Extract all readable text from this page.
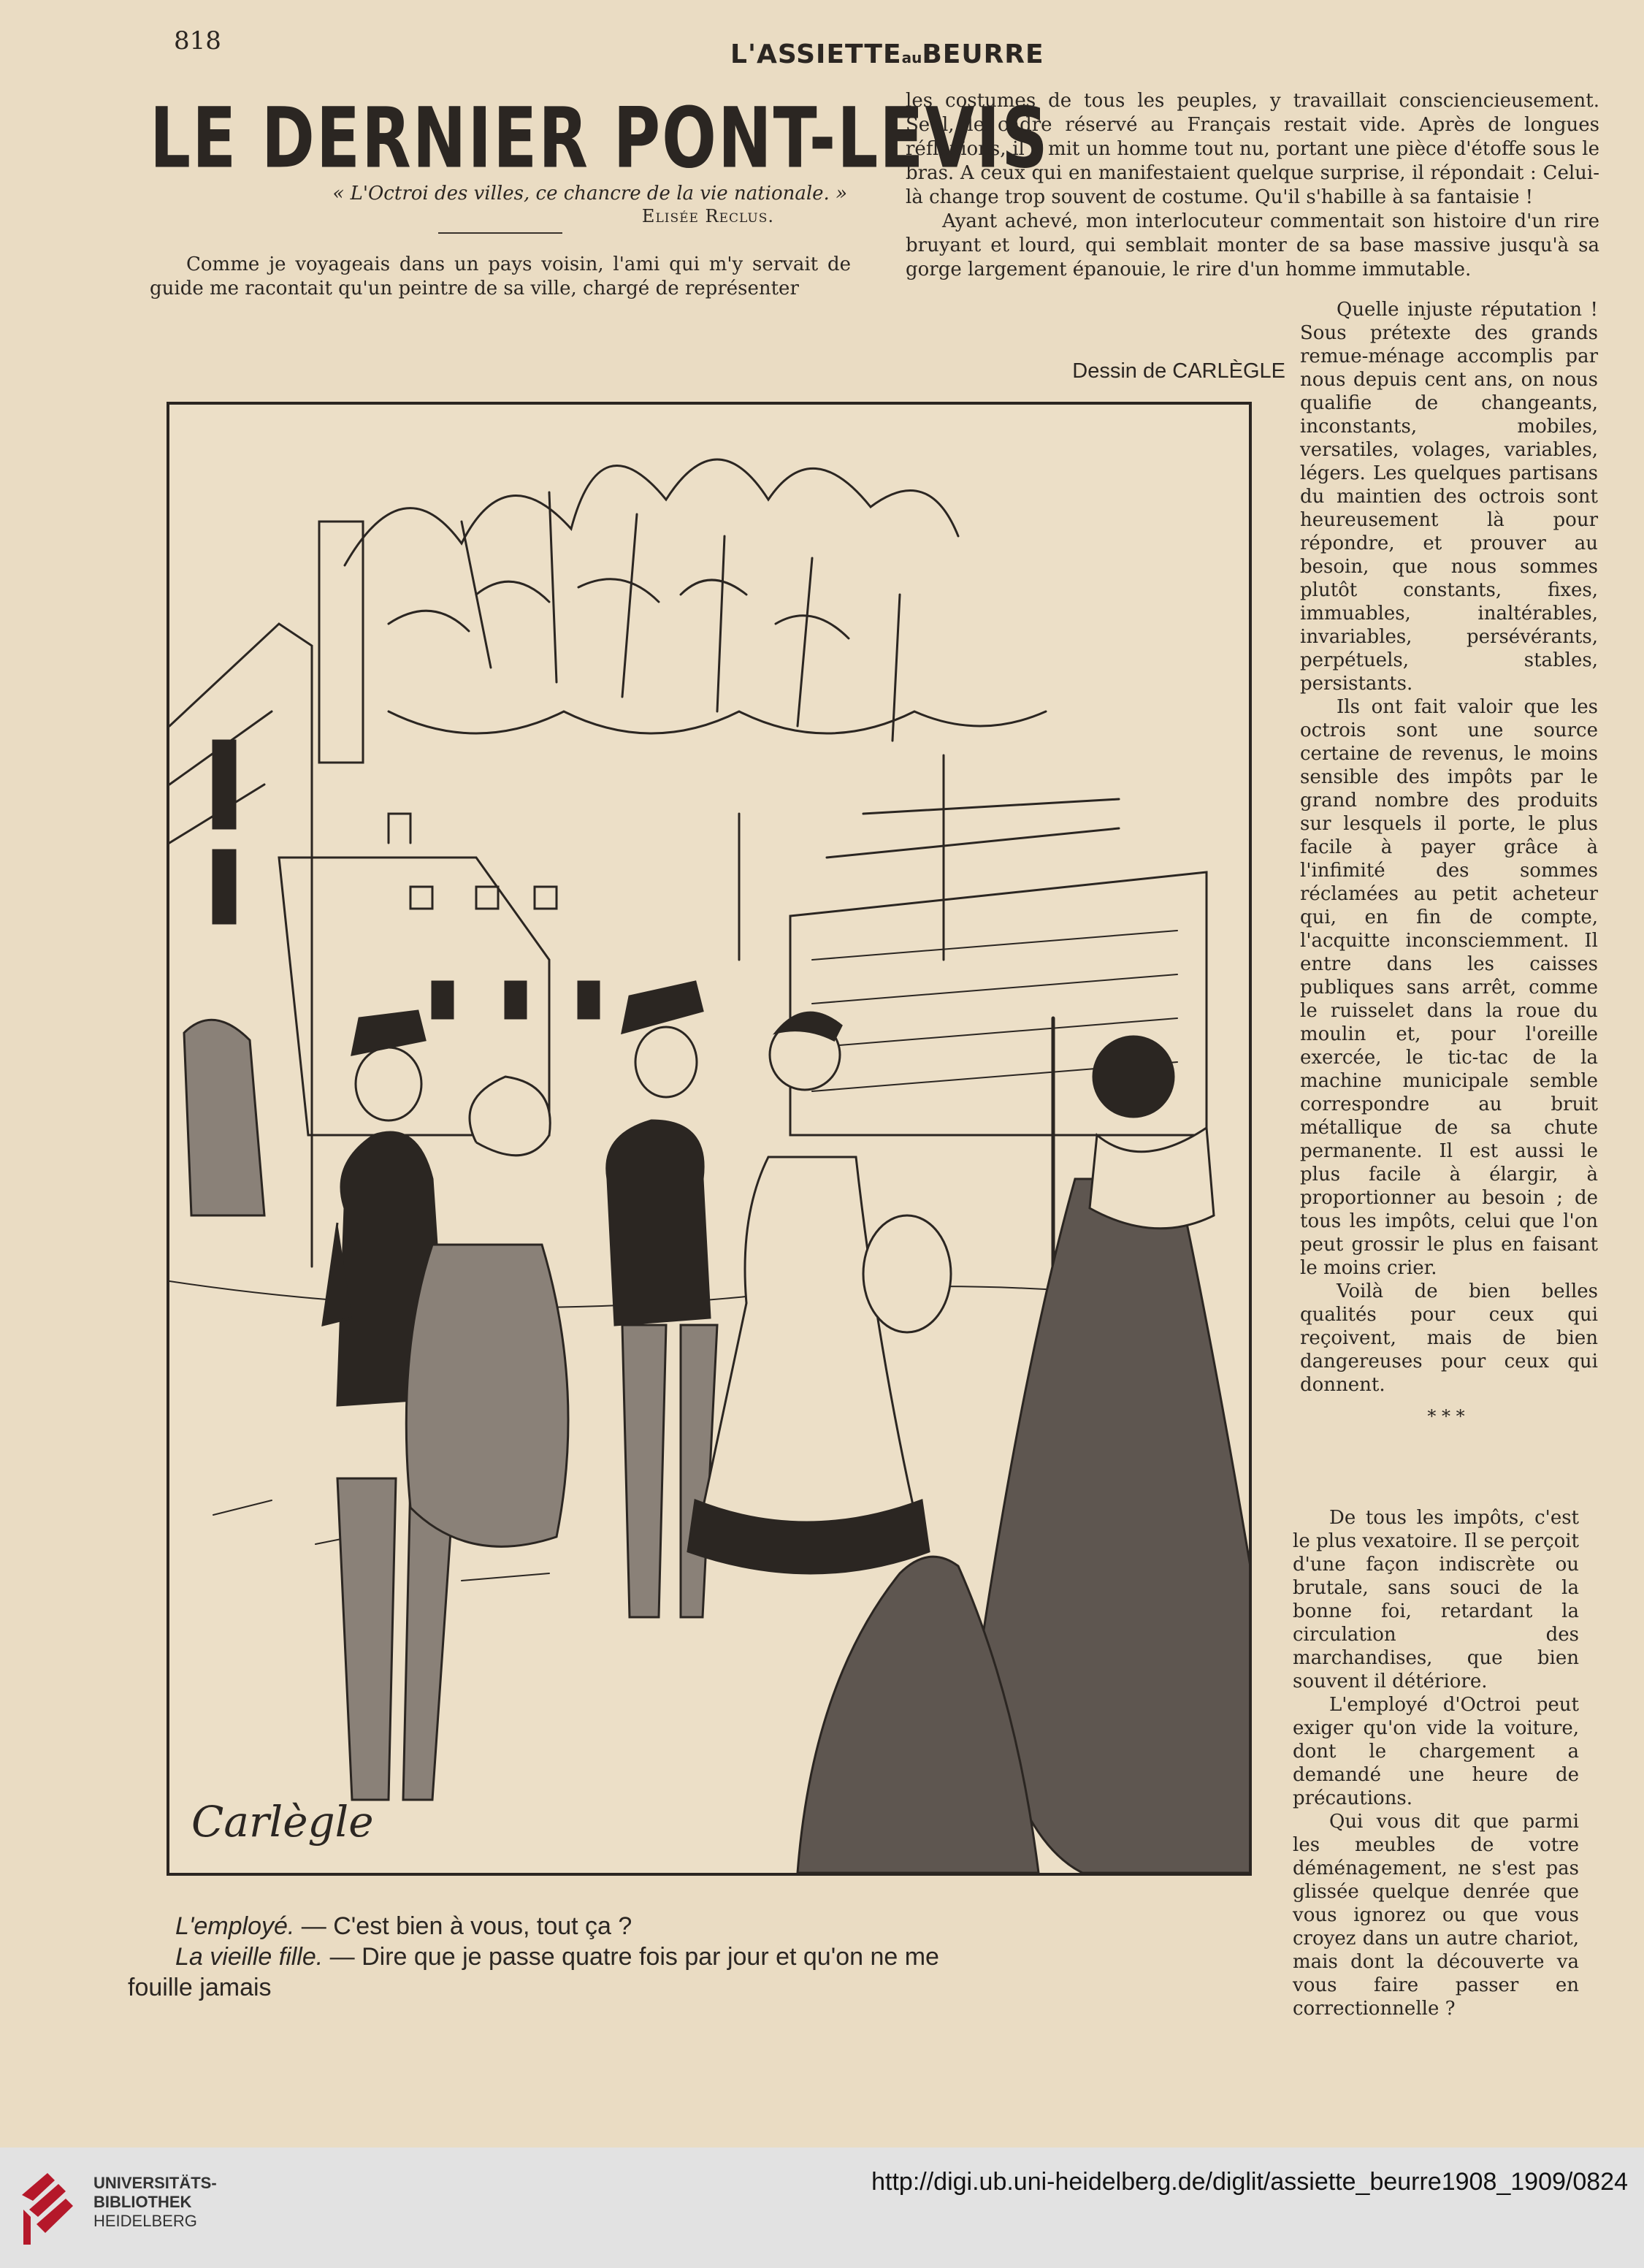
818	L'ASSIETTEauBEURRE
LE DERNIER PONT-LEVIS
« L'Octroi des villes, ce chancre de la vie nationale. »
Elisée Reclus.

Comme je voyageais dans un pays voisin, l'ami qui m'y servait de guide me racontait qu'un peintre de sa ville, chargé de représenter

les costumes de tous les peuples, y travaillait consciencieusement. Seul, le cadre réservé au Français restait vide. Après de longues réflexions, il y mit un homme tout nu, portant une pièce d'étoffe sous le bras. A ceux qui en manifestaient quelque surprise, il répondait : Celui-là change trop souvent de costume. Qu'il s'habille à sa fantaisie !

Ayant achevé, mon interlocuteur commentait son histoire d'un rire bruyant et lourd, qui semblait monter de sa base massive jusqu'à sa gorge largement épanouie, le rire d'un homme immutable.

Dessin de CARLÈGLE

Quelle injuste réputation ! Sous prétexte des grands remue-ménage accomplis par nous depuis cent ans, on nous qualifie de changeants, inconstants, mobiles, versatiles, volages, variables, légers. Les quelques partisans du maintien des octrois sont heureusement là pour répondre, et prouver au besoin, que nous sommes plutôt constants, fixes, immuables, inaltérables, invariables, persévérants, perpétuels, stables, persistants.

Ils ont fait valoir que les octrois sont une source certaine de revenus, le moins sensible des impôts par le grand nombre des produits sur lesquels il porte, le plus facile à payer grâce à l'infimité des sommes réclamées au petit acheteur qui, en fin de compte, l'acquitte inconsciemment. Il entre dans les caisses publiques sans arrêt, comme le ruisselet dans la roue du moulin et, pour l'oreille exercée, le tic-tac de la machine municipale semble correspondre au bruit métallique de sa chute permanente. Il est aussi le plus facile à élargir, à proportionner au besoin ; de tous les impôts, celui que l'on peut grossir le plus en faisant le moins crier.

Voilà de bien belles qualités pour ceux qui reçoivent, mais de bien dangereuses pour ceux qui donnent.

* * *

De tous les impôts, c'est le plus vexatoire. Il se perçoit d'une façon indiscrète ou brutale, sans souci de la bonne foi, retardant la circulation des marchandises, que bien souvent il détériore.

L'employé d'Octroi peut exiger qu'on vide la voiture, dont le chargement a demandé une heure de précautions.

Qui vous dit que parmi les meubles de votre déménagement, ne s'est pas glissée quelque denrée que vous ignorez ou que vous croyez dans un autre chariot, mais dont la découverte va vous faire passer en correctionnelle ?

Carlègle
L'employé. — C'est bien à vous, tout ça ?
La vieille fille. — Dire que je passe quatre fois par jour et qu'on ne me
fouille jamais
UNIVERSITÄTS-
BIBLIOTHEK
HEIDELBERG
http://digi.ub.uni-heidelberg.de/diglit/assiette_beurre1908_1909/0824
